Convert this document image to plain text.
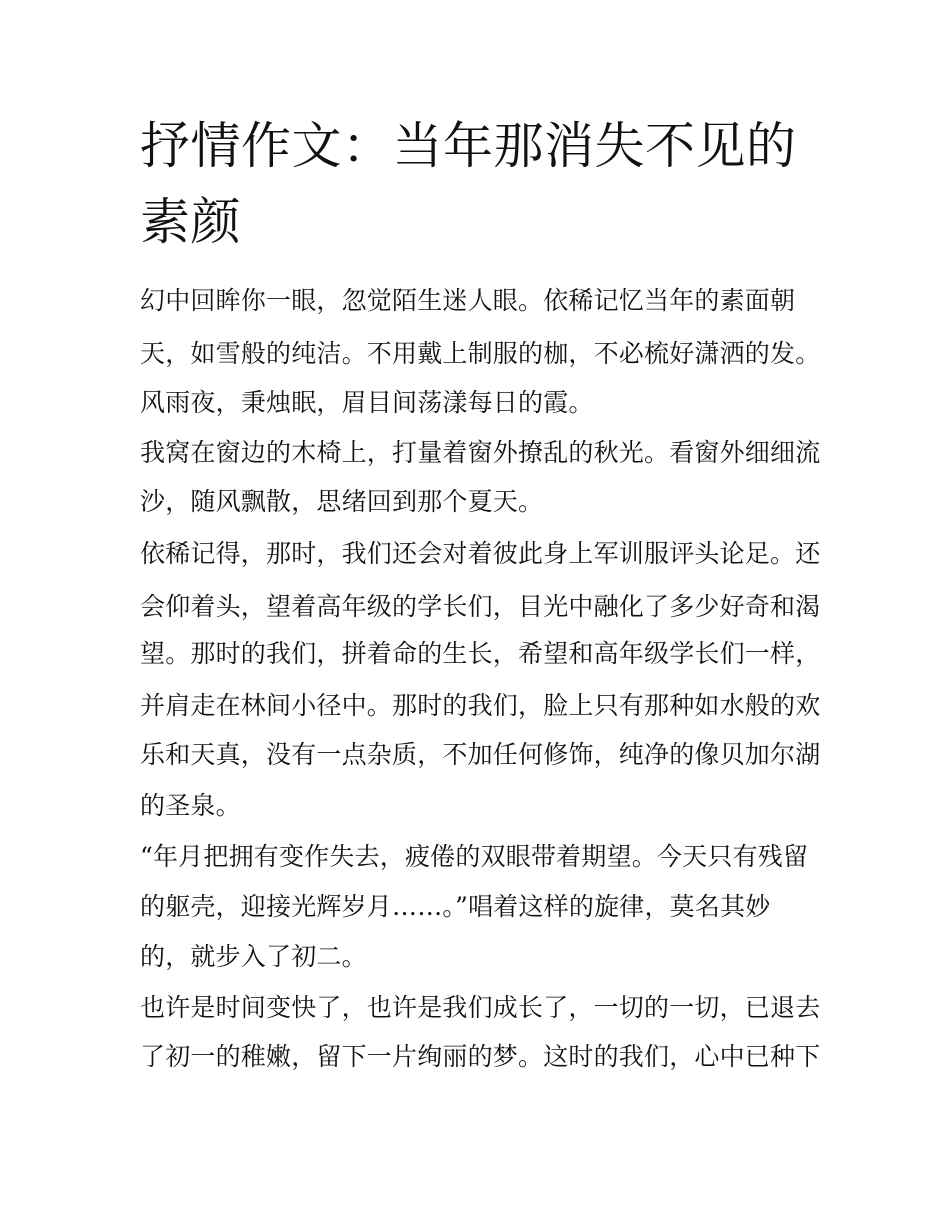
抒情作文：当年那消失不见的素颜
幻中回眸你一眼，忽觉陌生迷人眼。依稀记忆当年的素面朝
天，如雪般的纯洁。不用戴上制服的枷，不必梳好潇洒的发。
风雨夜，秉烛眠，眉目间荡漾每日的霞。
我窝在窗边的木椅上，打量着窗外撩乱的秋光。看窗外细细流
沙，随风飘散，思绪回到那个夏天。
依稀记得，那时，我们还会对着彼此身上军训服评头论足。还
会仰着头，望着高年级的学长们，目光中融化了多少好奇和渴
望。那时的我们，拼着命的生长，希望和高年级学长们一样，
并肩走在林间小径中。那时的我们，脸上只有那种如水般的欢
乐和天真，没有一点杂质，不加任何修饰，纯净的像贝加尔湖
的圣泉。
“年月把拥有变作失去，疲倦的双眼带着期望。今天只有残留
的躯壳，迎接光辉岁月……。”唱着这样的旋律，莫名其妙
的，就步入了初二。
也许是时间变快了，也许是我们成长了，一切的一切，已退去
了初一的稚嫩，留下一片绚丽的梦。这时的我们，心中已种下
